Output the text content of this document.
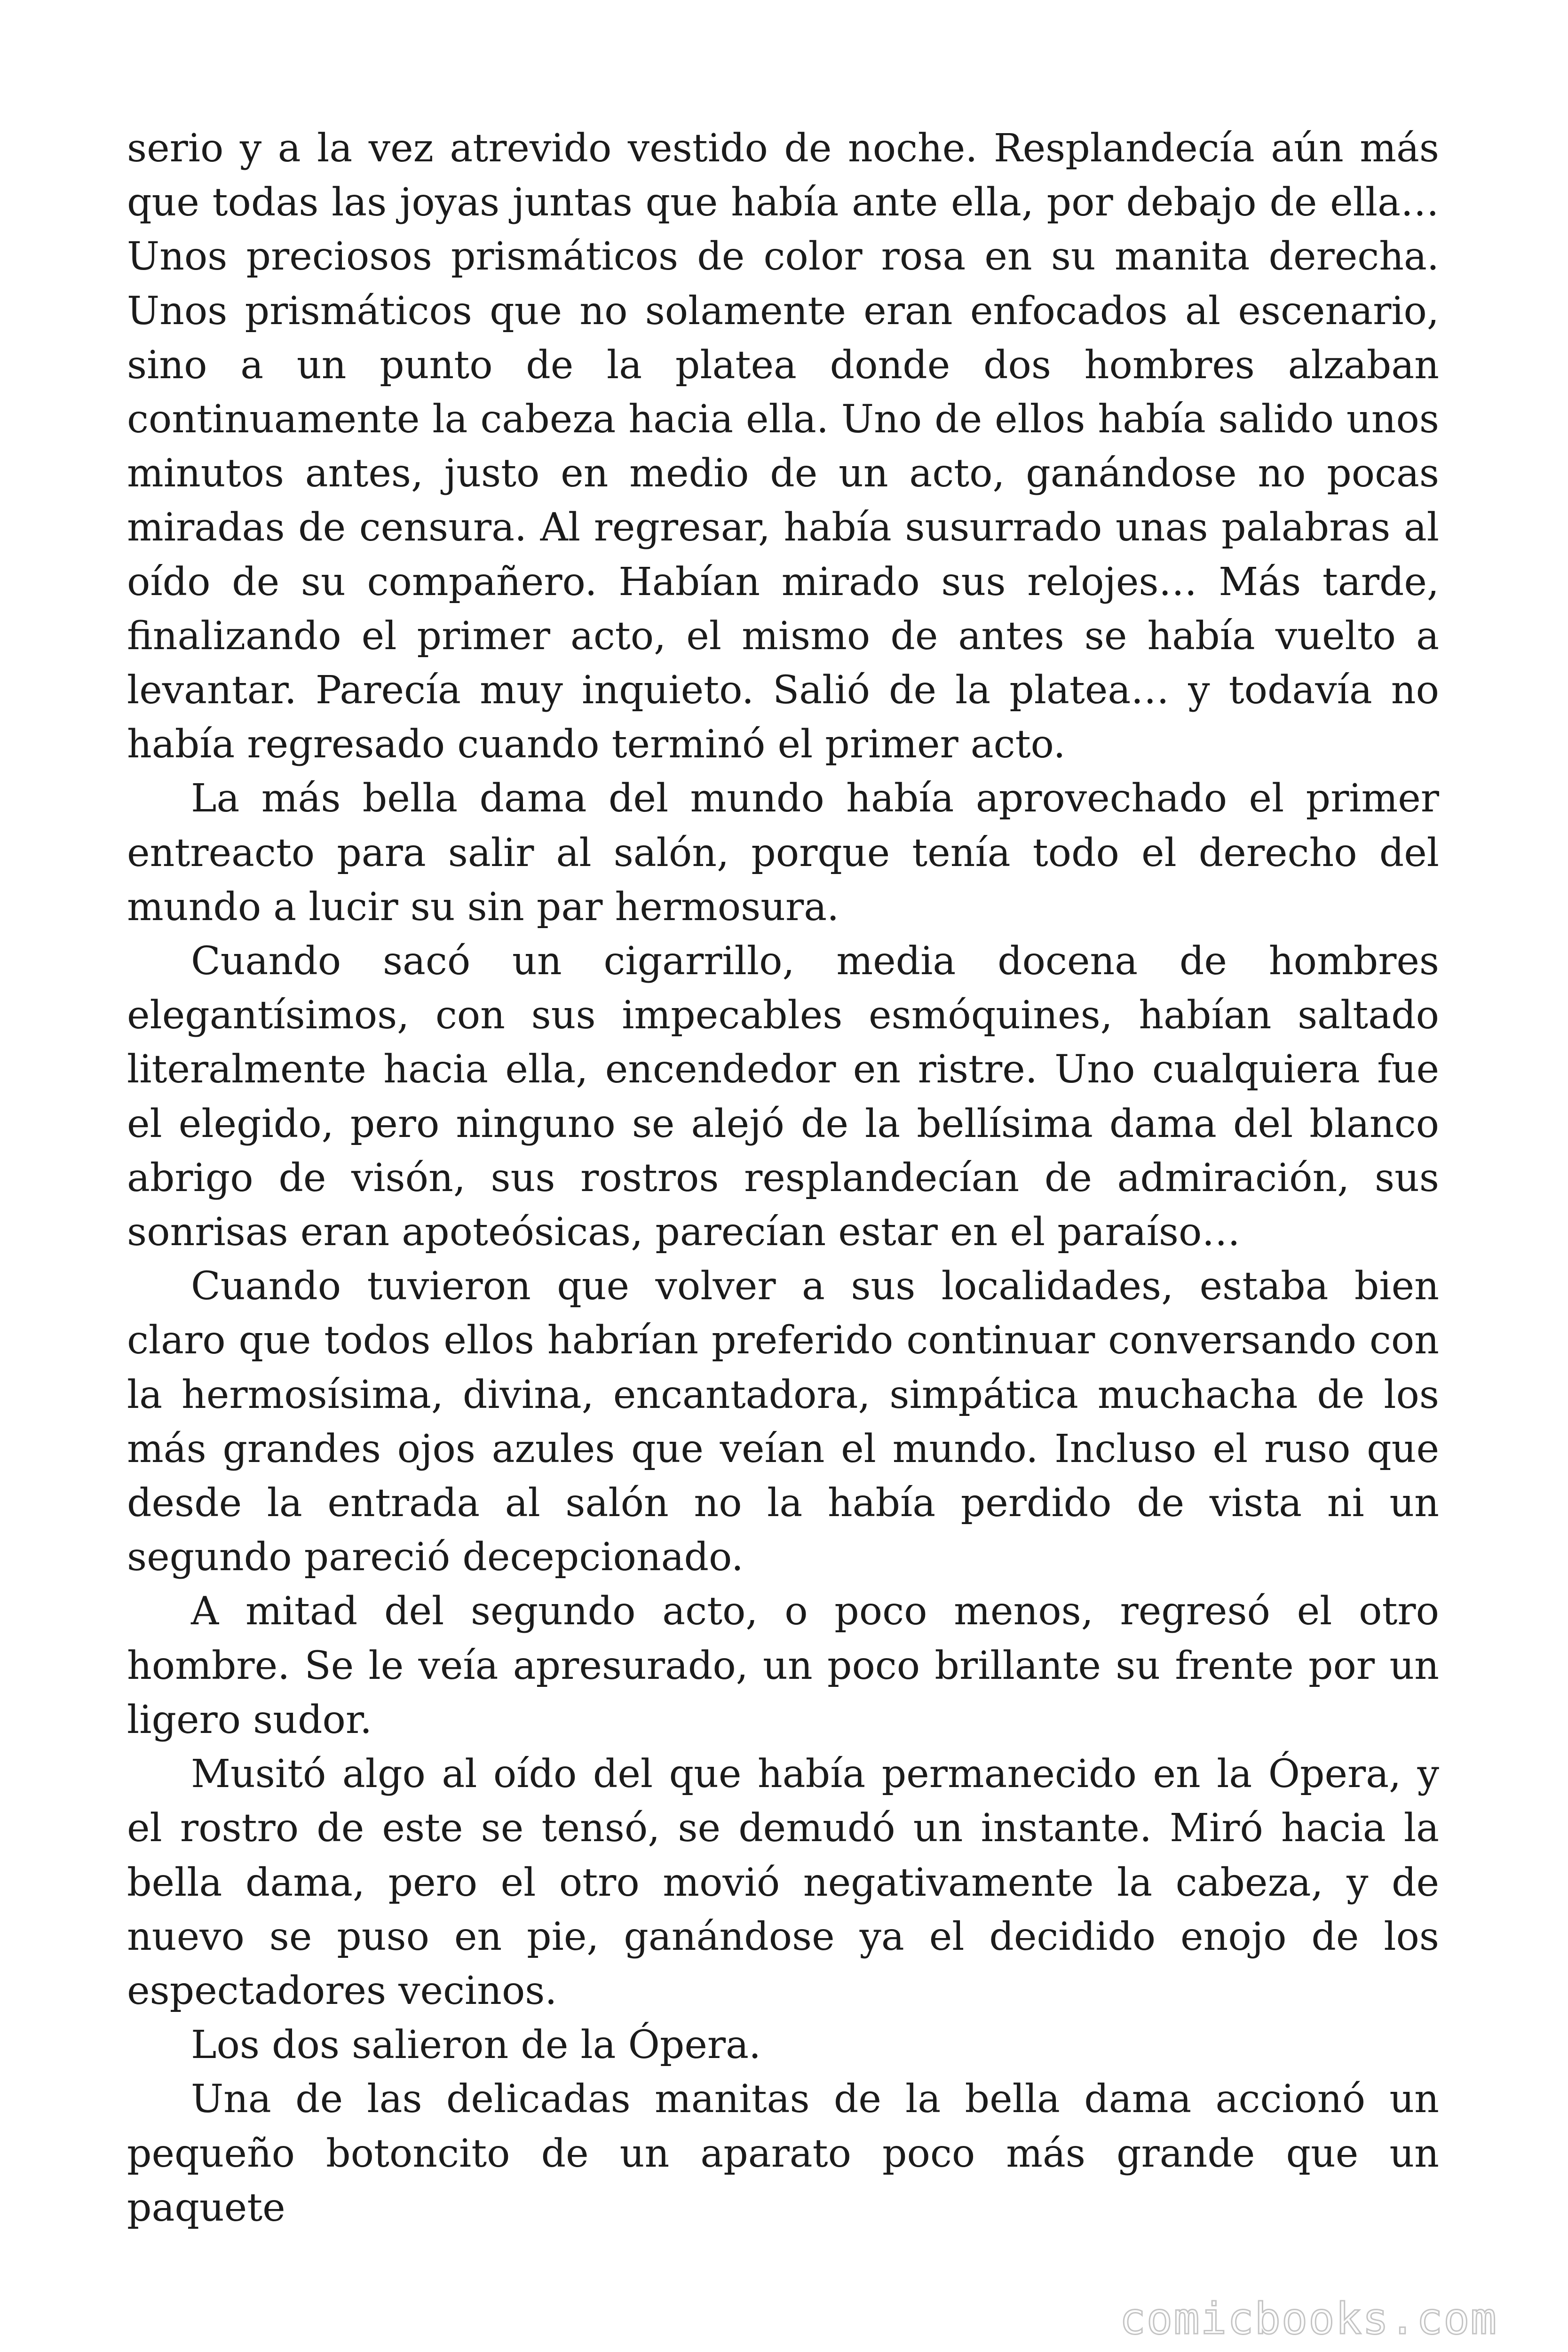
serio y a la vez atrevido vestido de noche. Resplandecía aún más que todas las joyas juntas que había ante ella, por debajo de ella… Unos preciosos prismáticos de color rosa en su manita derecha. Unos prismáticos que no solamente eran enfocados al escenario, sino a un punto de la platea donde dos hombres alzaban continuamente la cabeza hacia ella. Uno de ellos había salido unos minutos antes, justo en medio de un acto, ganándose no pocas miradas de censura. Al regresar, había susurrado unas palabras al oído de su compañero. Habían mirado sus relojes… Más tarde, finalizando el primer acto, el mismo de antes se había vuelto a levantar. Parecía muy inquieto. Salió de la platea… y todavía no había regresado cuando terminó el primer acto.

La más bella dama del mundo había aprovechado el primer entreacto para salir al salón, porque tenía todo el derecho del mundo a lucir su sin par hermosura.

Cuando sacó un cigarrillo, media docena de hombres elegantísimos, con sus impecables esmóquines, habían saltado literalmente hacia ella, encendedor en ristre. Uno cualquiera fue el elegido, pero ninguno se alejó de la bellísima dama del blanco abrigo de visón, sus rostros resplandecían de admiración, sus sonrisas eran apoteósicas, parecían estar en el paraíso…

Cuando tuvieron que volver a sus localidades, estaba bien claro que todos ellos habrían preferido continuar conversando con la hermosísima, divina, encantadora, simpática muchacha de los más grandes ojos azules que veían el mundo. Incluso el ruso que desde la entrada al salón no la había perdido de vista ni un segundo pareció decepcionado.

A mitad del segundo acto, o poco menos, regresó el otro hombre. Se le veía apresurado, un poco brillante su frente por un ligero sudor.

Musitó algo al oído del que había permanecido en la Ópera, y el rostro de este se tensó, se demudó un instante. Miró hacia la bella dama, pero el otro movió negativamente la cabeza, y de nuevo se puso en pie, ganándose ya el decidido enojo de los espectadores vecinos.

Los dos salieron de la Ópera.

Una de las delicadas manitas de la bella dama accionó un pequeño botoncito de un aparato poco más grande que un paquete

comicbooks.com
